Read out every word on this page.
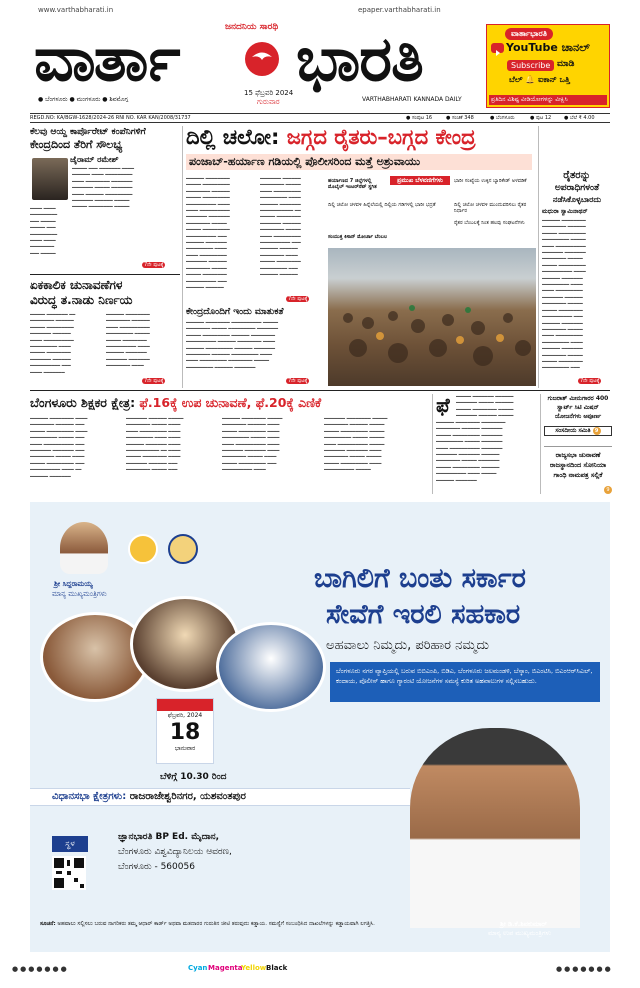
www.varthabharati.in	epaper.varthabharati.in
ಜನದನಿಯ ಸಾರಥಿ
ವಾರ್ತಾ ಭಾರತಿ
15 ಫೆಬ್ರವರಿ 2024
ಗುರುವಾರ
● ಬೆಂಗಳೂರು ● ಮಂಗಳೂರು ● ಶಿವಮೊಗ್ಗ	VARTHABHARATI KANNADA DAILY
ವಾರ್ತಾಭಾರತಿ
YouTube ಚಾನಲ್
Subscribe ಮಾಡಿ
ಬೆಲ್ 🔔 ಐಕಾನ್ ಒತ್ತಿ
ಪ್ರತಿದಿನ ವಿಶಿಷ್ಟ ವೀಡಿಯೋಗಳನ್ನು ವೀಕ್ಷಿಸಿ
REGD.NO: KA/BGW-1628/2024-26 RNI NO. KAR KAN/2008/31737	● ಸಂಪುಟ 16	● ಸಂಚಿಕೆ 348	● ಬೆಂಗಳೂರು	● ಪುಟ 12	● ಬೆಲೆ ₹ 4.00
ಕೆಲವು ಆಯ್ದ ಕಾರ್ಪೊರೇಟ್ ಕಂಪೆನಿಗಳಿಗೆ
ಕೇಂದ್ರದಿಂದ ತೆರಿಗೆ ಸೌಲಭ್ಯ
ಜೈರಾಮ್ ರಮೇಶ್
━━━━━ ━━━ ━━━━━━━ ━━━━
━━━━━━ ━━━━ ━━━━━━━━━
━━━━ ━━━━━━━━ ━━━━━━━
━━━━━━━ ━━━━━ ━━━━━━━
━━━━ ━━━━━━ ━━━━━━━━━
━━━━━━━ ━━━━━━ ━━━━━
━━━━━ ━━━━━━━━ ━━━━━
━━━━ ━━━━
━━━━━━━━━
━━━ ━━━━━
━━━━━ ━━━
━━━━━━━━━
━━━━ ━━━━
━━━━━━━━
━━━ ━━━━━
7ನೇ ಪುಟಕ್ಕೆ
ಏಕಕಾಲಿಕ ಚುನಾವಣೆಗಳ
ವಿರುದ್ಧ ತ.ನಾಡು ನಿರ್ಣಯ
━━━━━ ━━━━━━━ ━━
━━━━━━━━ ━━━━━━
━━━━━ ━━━━━━━━━
━━━━━━━ ━━━━━━
━━━━ ━━━━━━━━━━
━━━━━━━━━ ━━━━
━━━━━ ━━━━━━━━
━━━━━━━ ━━━━━━
━━━━━━━━━━ ━━━
━━━━ ━━━━━━━
━━━━━━ ━━━━━━━━
━━━━━━━━ ━━━━━━
━━━━ ━━━━━━━━━━
━━━━━━━━━ ━━━━━
━━━━━ ━━━━━━━━
━━━━━━━━━━ ━━━━
━━━━━━ ━━━━━━━
━━━━━━━ ━━━━━━━
━━━━━━━━ ━━━━
7ನೇ ಪುಟಕ್ಕೆ
ದಿಲ್ಲಿ ಚಲೋ: ಜಗ್ಗದ ರೈತರು–ಬಗ್ಗದ ಕೇಂದ್ರ
ಪಂಜಾಬ್-ಹರ್ಯಾಣ ಗಡಿಯಲ್ಲಿ ಪೊಲೀಸರಿಂದ ಮತ್ತೆ ಅಶ್ರುವಾಯು
━━━━━━ ━━━━━━━━
━━━━━ ━━━━━━━━━
━━━━━━━━ ━━━━━━
━━━━━ ━━━━━━━━━
━━━━━━━━━━ ━━━━
━━━━ ━━━━━━━━━━
━━━━━━━ ━━━━━━━
━━━━━━━━ ━━━━━
━━━━━ ━━━━━━━━━
━━━━━━━━━━ ━━━
━━━━━━ ━━━━━━━
━━━━━━━━━ ━━━━
━━━━ ━━━━━━━━━
━━━━━━━ ━━━━━━
━━━━━━━━ ━━━━━
━━━━━ ━━━━━━━━
━━━━━━━━━━ ━━━
━━━━━━ ━━━━━━
━━━━━━━ ━━━━━━
━━━━━━━━ ━━━━━
━━━━ ━━━━━━━━━
━━━━━━━━━ ━━━━
━━━━━━ ━━━━━━━
━━━━━━━━━━━ ━━
━━━━━ ━━━━━━━━
━━━━━━━ ━━━━━━
━━━━━━━━ ━━━━━
━━━━ ━━━━━━━━━
━━━━━━━━━━ ━━━
━━━━━━ ━━━━━━
━━━━━━━━ ━━━━
━━━━━ ━━━━━━━━
━━━━━━━━━ ━━━
━━━━━━ ━━━━━━
ಪ್ರಮುಖ ಬೆಳವಣಿಗೆಗಳು
ಹರ್ಯಾಣದ 7 ಜಿಲ್ಲೆಗಳಲ್ಲಿ ಮೊಬೈಲ್ ಇಂಟರ್‌ನೆಟ್ ಸ್ಥಗಿತ
ದಿಲ್ಲಿ ಚಲೋ ಚಳವಳಿ ಹಿನ್ನೆಲೆಯಲ್ಲಿ ದಿಲ್ಲಿಯ ಗಡಿಗಳಲ್ಲಿ ಭಾರೀ ಭದ್ರತೆ
ಸಂಯುಕ್ತ ಕಿಸಾನ್ ಮೋರ್ಚಾ ಬೆಂಬಲ
ಭಾರೀ ಸಂಖ್ಯೆಯ ಉಕ್ಕಿನ ಬ್ಯಾರಿಕೇಡ್ ಅಳವಡಿಕೆ
ದಿಲ್ಲಿ ಚಲೋ ಚಳವಳಿ ಮುಂದುವರಿಸಲು ರೈತರ ನಿರ್ಧಾರ
ರೈತರ ಬೆಂಬಲಕ್ಕೆ ನಿಂತ ಹಲವು ಸಂಘಟನೆಗಳು
7ನೇ ಪುಟಕ್ಕೆ
ಕೇಂದ್ರದೊಂದಿಗೆ ಇಂದು ಮಾತುಕತೆ
━━━━━━ ━━━━━━━━ ━━━━━━━━━━ ━━━━━
━━━━━━━━ ━━━━━ ━━━━━━━━━ ━━━━━━━
━━━━━ ━━━━━━━━━ ━━━━━━ ━━━━━━━━
━━━━━━━━━━ ━━━━━━ ━━━━━━━━ ━━━━
━━━━━━ ━━━━━━━━━ ━━━━━━ ━━━━━━━
━━━━━━━━ ━━━━━━ ━━━━━━━━━ ━━━━
━━━━ ━━━━━━━━━ ━━━━━━━━ ━━━━━
━━━━━━━━━ ━━━━━━ ━━━━━━━
7ನೇ ಪುಟಕ್ಕೆ
ರೈತರನ್ನು
ಅಪರಾಧಿಗಳಂತೆ
ನಡೆಸಿಕೊಳ್ಳಬಾರದು
ಮಧುರಾ ಸ್ವಾಮಿನಾಥನ್
━━━━━━ ━━━━━━━━
━━━━━━━━ ━━━━━━
━━━━━ ━━━━━━━━━
━━━━━━━━━ ━━━━━
━━━━ ━━━━━━━━━━
━━━━━━━ ━━━━━━━
━━━━━━━━ ━━━━━
━━━━━ ━━━━━━━━━
━━━━━━━━━━ ━━━━
━━━━━━ ━━━━━━━
━━━━━━━━━ ━━━━
━━━━ ━━━━━━━━━
━━━━━━━ ━━━━━━
━━━━━━━━ ━━━━━
━━━━━ ━━━━━━━━
━━━━━━━━━━ ━━━
━━━━━━ ━━━━━━━
━━━━━━━━ ━━━━━
━━━━ ━━━━━━━━━
━━━━━━━━━ ━━━━
━━━━━━ ━━━━━━━
━━━━━━━━ ━━━━━
━━━━━ ━━━━━━━━
━━━━━━━━━ ━━━
7ನೇ ಪುಟಕ್ಕೆ
ಬೆಂಗಳೂರು ಶಿಕ್ಷಕರ ಕ್ಷೇತ್ರ: ಫೆ.16ಕ್ಕೆ ಉಪ ಚುನಾವಣೆ, ಫೆ.20ಕ್ಕೆ ಎಣಿಕೆ
━━━━━━ ━━━━━━━━ ━━━━
━━━━━━━━ ━━━━━━ ━━━
━━━━━ ━━━━━━━━━ ━━━━
━━━━━━━━━ ━━━━━ ━━━
━━━━ ━━━━━━━━━━ ━━━
━━━━━━━ ━━━━━━━ ━━━
━━━━━━━━ ━━━━━ ━━━━
━━━━━ ━━━━━━━━━ ━━━
━━━━━━━━━━ ━━━━ ━━
━━━━━━ ━━━━━━━
━━━━━━━ ━━━━━━ ━━━━━
━━━━━━━━ ━━━━━ ━━━━
━━━━ ━━━━━━━━━ ━━━━
━━━━━━━━━ ━━━━ ━━━━
━━━━━━ ━━━━━━━ ━━━━
━━━━━━━━━━━ ━━ ━━━━
━━━━━ ━━━━━━━━ ━━━━
━━━━━━━ ━━━━━━ ━━━
━━━━━━━━ ━━━━━ ━━━
━━━━━━ ━━━━━━━━ ━━━━━
━━━━━━━━ ━━━━━━ ━━━━
━━━━━ ━━━━━━━━━ ━━━━
━━━━━━━━━ ━━━━━ ━━━━
━━━━ ━━━━━━━━━━ ━━━━
━━━━━━━ ━━━━━━━ ━━━━
━━━━━━━━ ━━━━━ ━━━━
━━━━━ ━━━━━━━━━ ━━━
━━━━━━━━━━ ━━━━
━━━━━━━ ━━━━━━━━ ━━━━━
━━━━━━━━ ━━━━━━ ━━━━━
━━━━━ ━━━━━━━━━ ━━━━━
━━━━━━━━━ ━━━━━ ━━━━━
━━━━ ━━━━━━━━━━ ━━━━━
━━━━━━━ ━━━━━━━ ━━━━
━━━━━━━━ ━━━━━ ━━━━━
━━━━━ ━━━━━━━━━ ━━━━
━━━━━━━━━━ ━━━━━
ಫೆ ━━━━━ ━━━━━━━ ━━━━━━
━━━━━━━ ━━━━━ ━━━━━━
━━━━━ ━━━━━━━━ ━━━━━
━━━━━━━ ━━━━━━ ━━━━━
━━━━━━ ━━━━━━━━ ━━━━━━━━
━━━━━━━━ ━━━━━━ ━━━━━━━
━━━━━ ━━━━━━━━━ ━━━━━━━
━━━━━━━━━ ━━━━━ ━━━━━━━
━━━━ ━━━━━━━━━━ ━━━━━━━
━━━━━━━ ━━━━━━━ ━━━━━━
━━━━━━━━ ━━━━━ ━━━━━━━
━━━━━ ━━━━━━━━━ ━━━━━━
━━━━━━━━━━ ━━━━ ━━━━━
━━━━━━ ━━━━━━━
ಗುಜರಾತ್ ಮೀನುಗಾರರ 400 ಸ್ವಾರ್ಟ್ ಸಿಟಿ ಮಿಷನ್ ಯೋಜನೆಗಳು ಅಪೂರ್ಣ
ಸಂಸದೀಯ ಸಮಿತಿ 9
ರಾಜ್ಯಸಭಾ ಚುನಾವಣೆ ರಾಜಸ್ಥಾನದಿಂದ ಸೋನಿಯಾ ಗಾಂಧಿ ನಾಮಪತ್ರ ಸಲ್ಲಿಕೆ
9
ಶ್ರೀ ಸಿದ್ದರಾಮಯ್ಯ
ಮಾನ್ಯ ಮುಖ್ಯಮಂತ್ರಿಗಳು
ಫೆಬ್ರವರಿ, 2024
18
ಭಾನುವಾರ
ಬೆಳಿಗ್ಗೆ 10.30 ರಿಂದ
ಬಾಗಿಲಿಗೆ ಬಂತು ಸರ್ಕಾರ
ಸೇವೆಗೆ ಇರಲಿ ಸಹಕಾರ
ಅಹವಾಲು ನಿಮ್ಮದು, ಪರಿಹಾರ ನಮ್ಮದು
ಬೆಂಗಳೂರು ನಗರ ವ್ಯಾಪ್ತಿಯಲ್ಲಿ ಬರುವ ಬಿಬಿಎಂಪಿ, ಬಿಡಿಎ, ಬೆಂಗಳೂರು ಜಲಮಂಡಳಿ, ಬೆಸ್ಕಾಂ, ಬಿಎಂಟಿಸಿ, ಬಿಎಂಆರ್‌ಸಿಎಲ್, ಕಂದಾಯ, ಪೊಲೀಸ್ ಹಾಗೂ ಗ್ಯಾರಂಟಿ ಯೋಜನೆಗಳ ಸಮಸ್ಯೆ ಕುರಿತ ಅಹವಾಲುಗಳ ಸಲ್ಲಿಸಬಹುದು.
ಶ್ರೀ ಡಿ.ಕೆ.ಶಿವಕುಮಾರ್
ಮಾನ್ಯ ಉಪ ಮುಖ್ಯಮಂತ್ರಿಗಳು
ವಿಧಾನಸಭಾ ಕ್ಷೇತ್ರಗಳು: ರಾಜರಾಜೇಶ್ವರಿನಗರ, ಯಶವಂತಪುರ
ಸ್ಥಳ
ಜ್ಞಾನಭಾರತಿ BP Ed. ಮೈದಾನ,
ಬೆಂಗಳೂರು ವಿಶ್ವವಿದ್ಯಾನಿಲಯ ಆವರಣ,
ಬೆಂಗಳೂರು - 560056
ಸೂಚನೆ: ಅಹವಾಲು ಸಲ್ಲಿಸಲು ಬರುವ ನಾಗರಿಕರು ತಮ್ಮ ಆಧಾರ್ ಕಾರ್ಡ್ ಅಥವಾ ಮತದಾರರ ಗುರುತಿನ ಚೀಟಿ ತರುವುದು ಕಡ್ಡಾಯ. ಸಮಸ್ಯೆಗೆ ಸಂಬಂಧಿಸಿದ ದಾಖಲೆಗಳನ್ನು ಕಡ್ಡಾಯವಾಗಿ ಲಗತ್ತಿಸಿ.
●●●●●●●	Cyan Magenta
Yellow Black	●●●●●●●
